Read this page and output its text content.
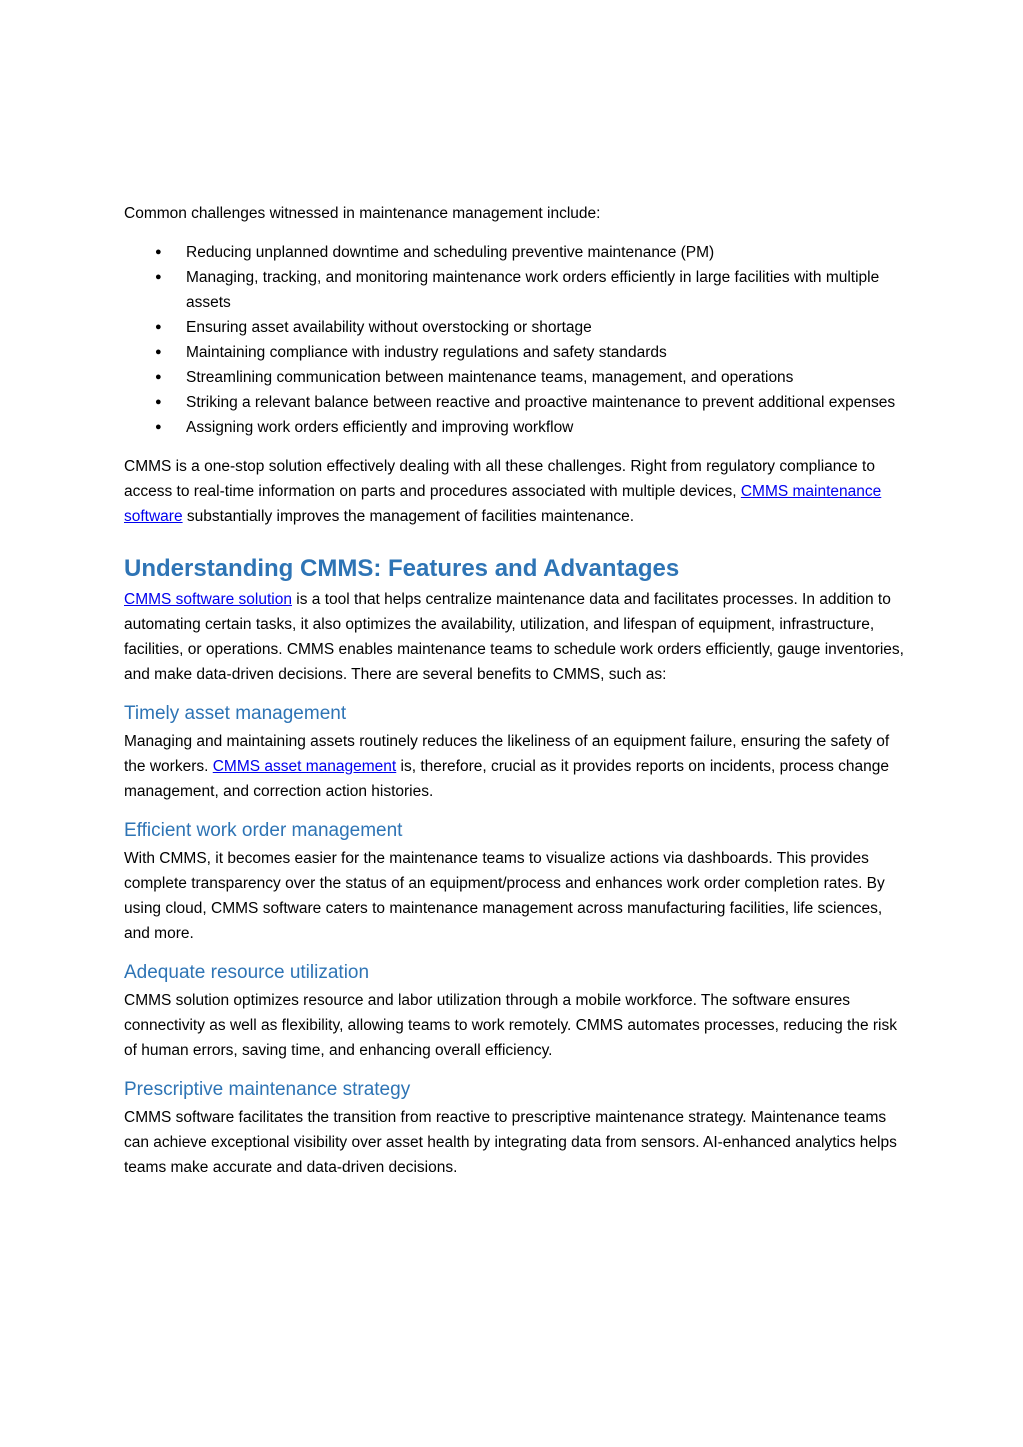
Common challenges witnessed in maintenance management include:

● Reducing unplanned downtime and scheduling preventive maintenance (PM)
● Managing, tracking, and monitoring maintenance work orders efficiently in large facilities with multiple assets
● Ensuring asset availability without overstocking or shortage
● Maintaining compliance with industry regulations and safety standards
● Streamlining communication between maintenance teams, management, and operations
● Striking a relevant balance between reactive and proactive maintenance to prevent additional expenses
● Assigning work orders efficiently and improving workflow

CMMS is a one-stop solution effectively dealing with all these challenges. Right from regulatory compliance to access to real-time information on parts and procedures associated with multiple devices, CMMS maintenance software substantially improves the management of facilities maintenance.

Understanding CMMS: Features and Advantages

CMMS software solution is a tool that helps centralize maintenance data and facilitates processes. In addition to automating certain tasks, it also optimizes the availability, utilization, and lifespan of equipment, infrastructure, facilities, or operations. CMMS enables maintenance teams to schedule work orders efficiently, gauge inventories, and make data-driven decisions. There are several benefits to CMMS, such as:

Timely asset management

Managing and maintaining assets routinely reduces the likeliness of an equipment failure, ensuring the safety of the workers. CMMS asset management is, therefore, crucial as it provides reports on incidents, process change management, and correction action histories.

Efficient work order management

With CMMS, it becomes easier for the maintenance teams to visualize actions via dashboards. This provides complete transparency over the status of an equipment/process and enhances work order completion rates. By using cloud, CMMS software caters to maintenance management across manufacturing facilities, life sciences, and more.

Adequate resource utilization

CMMS solution optimizes resource and labor utilization through a mobile workforce. The software ensures connectivity as well as flexibility, allowing teams to work remotely. CMMS automates processes, reducing the risk of human errors, saving time, and enhancing overall efficiency.

Prescriptive maintenance strategy

CMMS software facilitates the transition from reactive to prescriptive maintenance strategy. Maintenance teams can achieve exceptional visibility over asset health by integrating data from sensors. AI-enhanced analytics helps teams make accurate and data-driven decisions.
